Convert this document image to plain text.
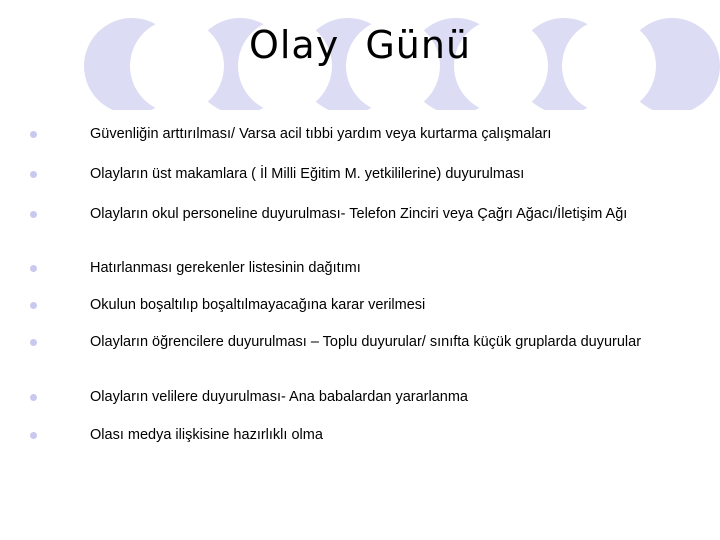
Olay  Günü
Güvenliğin arttırılması/ Varsa acil tıbbi yardım veya kurtarma çalışmaları
Olayların üst makamlara ( İl Milli Eğitim M. yetkililerine) duyurulması
Olayların okul personeline duyurulması- Telefon Zinciri veya Çağrı Ağacı/İletişim Ağı
Hatırlanması gerekenler listesinin dağıtımı
Okulun boşaltılıp boşaltılmayacağına karar verilmesi
Olayların öğrencilere duyurulması – Toplu duyurular/ sınıfta küçük gruplarda duyurular
Olayların velilere duyurulması- Ana babalardan yararlanma
Olası medya ilişkisine hazırlıklı olma
